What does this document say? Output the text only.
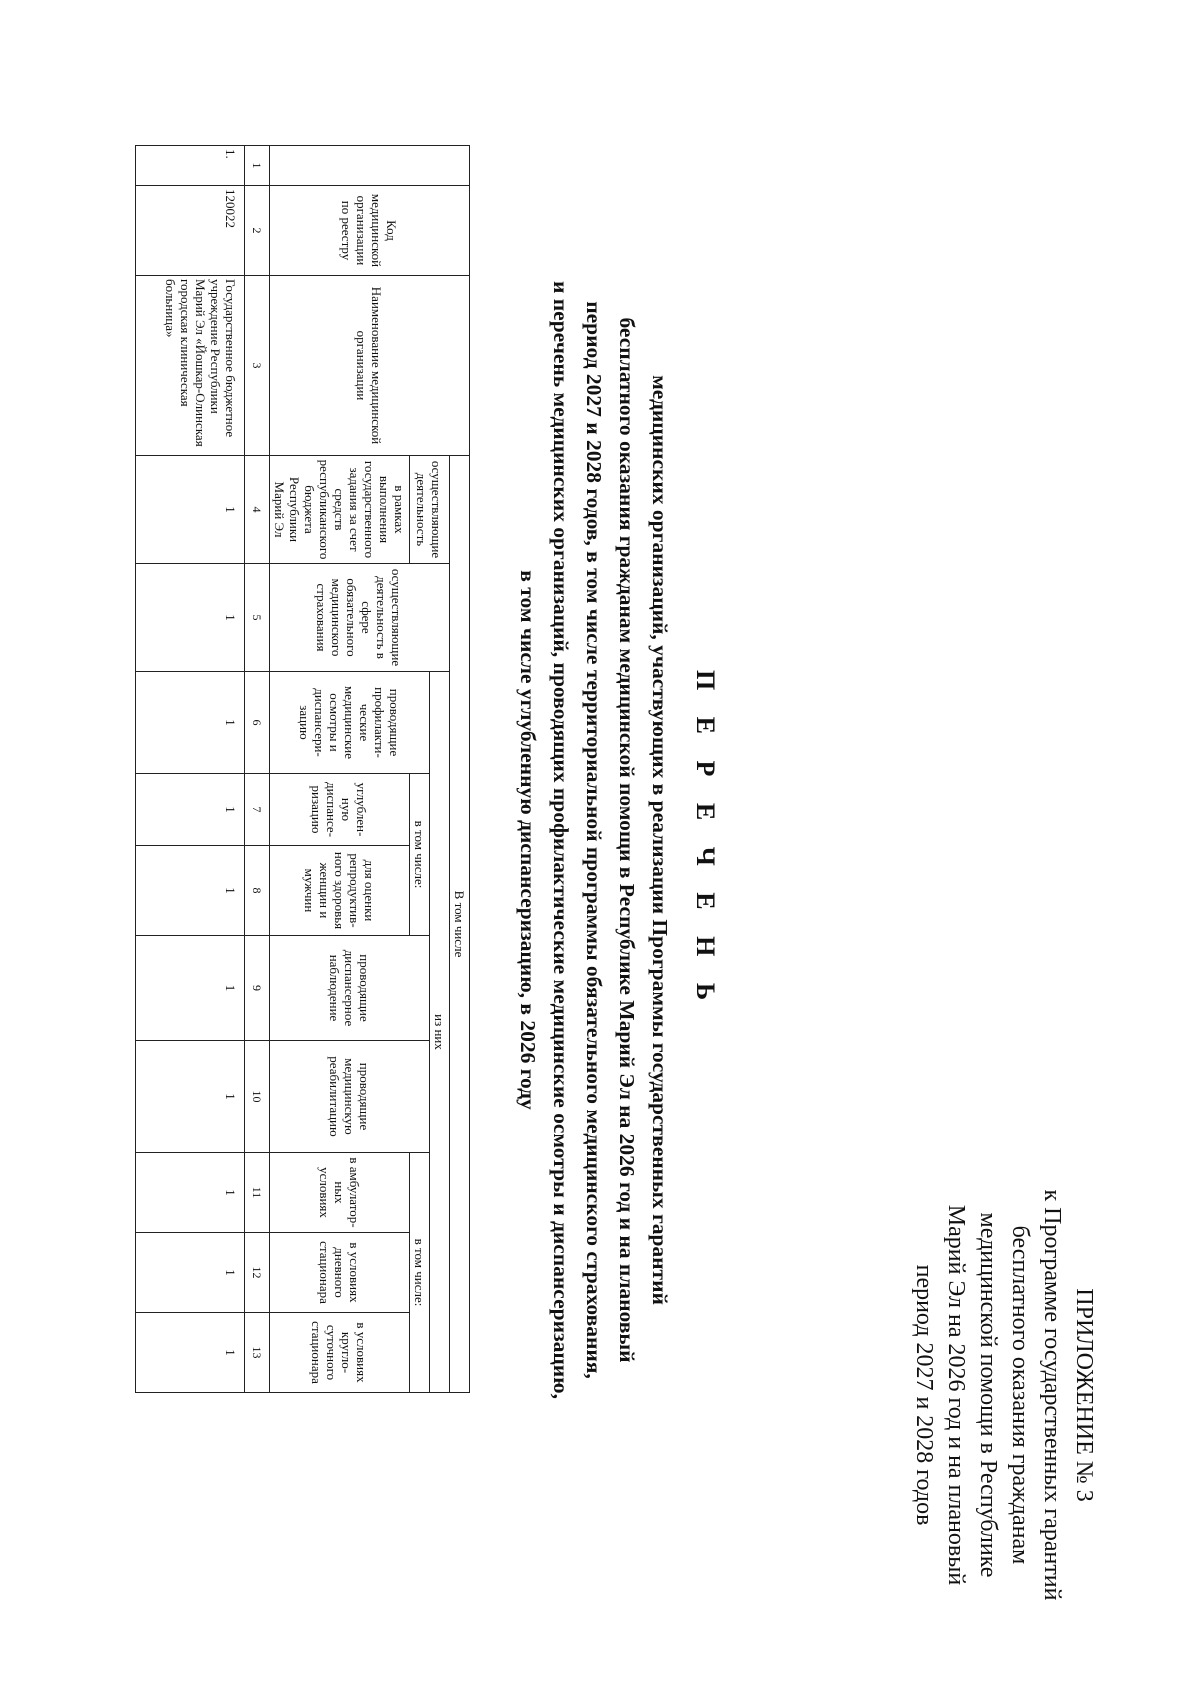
ПРИЛОЖЕНИЕ № 3
к Программе государственных гарантий
бесплатного оказания гражданам
медицинской помощи в Республике
Марий Эл на 2026 год и на плановый
период 2027 и 2028 годов
П Е Р Е Ч Е Н Ь
медицинских организаций, участвующих в реализации Программы государственных гарантий
бесплатного оказания гражданам медицинской помощи в Республике Марий Эл на 2026 год и на плановый
период 2027 и 2028 годов, в том числе территориальной программы обязательного медицинского страхования,
и перечень медицинских организаций, проводящих профилактические медицинские осмотры и диспансеризацию,
в том числе углубленную диспансеризацию, в 2026 году
	Код медицинской организации по реестру	Наименование медицинской организации	В том числе									
			осуществляющие деятельность	осуществляющие деятельность в сфере обязательного медицинского страхования	из них							
					проводящие профилакти- ческие медицинские осмотры и диспансери- зацию	в том числе:		проводящие диспансерное наблюдение	проводящие медицинскую реабилитацию	в том числе:		
			в рамках выполнения государственного задания за счет средств республиканского бюджета Республики Марий Эл			углублен- ную диспансе- ризацию	для оценки репродуктив- ного здоровья женщин и мужчин			в амбулатор- ных условиях	в условиях дневного стационара	в условиях кругло- суточного стационара
1	2	3	4	5	6	7	8	9	10	11	12	13
1.	120022	Государственное бюджетное учреждение Республики Марий Эл «Йошкар-Олинская городская клиническая больница»	1	1	1	1	1	1	1	1	1	1
